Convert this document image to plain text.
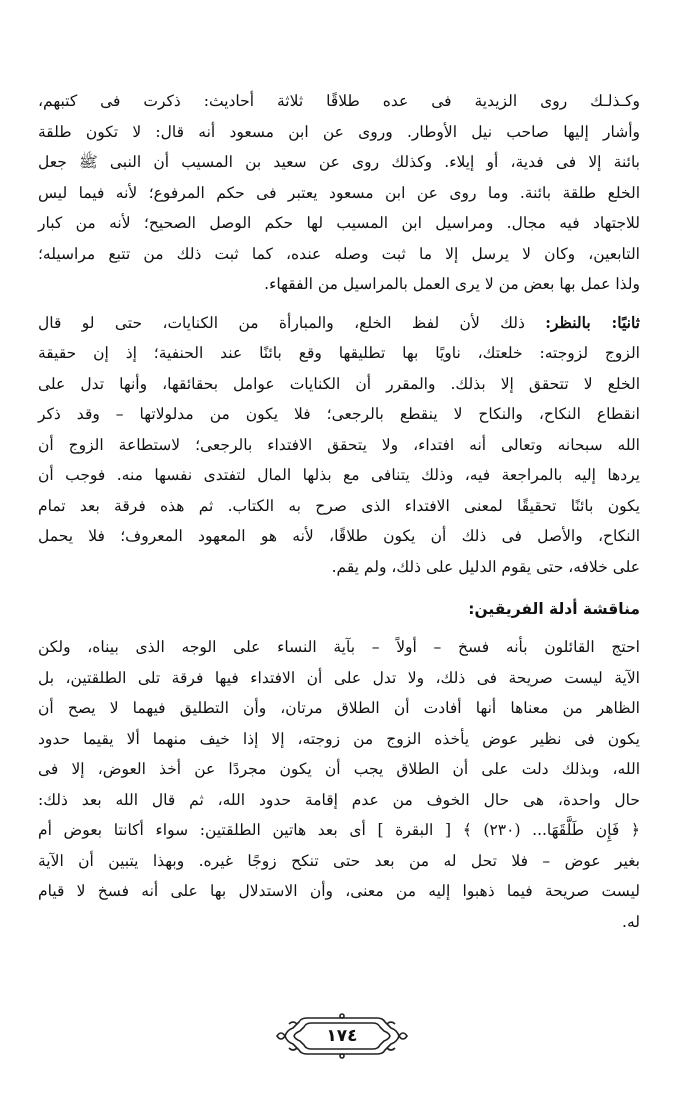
وكـذلـك روى الزيدية فى عده طلاقًا ثلاثة أحاديث: ذكرت فى كتبهم،
وأشار إليها صاحب نيل الأوطار. وروى عن ابن مسعود أنه قال: لا تكون طلقة
بائنة إلا فى فدية، أو إيلاء. وكذلك روى عن سعيد بن المسيب أن النبى ﷺ جعل
الخلع طلقة بائنة. وما روى عن ابن مسعود يعتبر فى حكم المرفوع؛ لأنه فيما ليس
للاجتهاد فيه مجال. ومراسيل ابن المسيب لها حكم الوصل الصحيح؛ لأنه من كبار
التابعين، وكان لا يرسل إلا ما ثبت وصله عنده، كما ثبت ذلك من تتبع مراسيله؛
ولذا عمل بها بعض من لا يرى العمل بالمراسيل من الفقهاء.

ثانيًا: بالنظر: ذلك لأن لفظ الخلع، والمبارأة من الكنايات، حتى لو قال
الزوج لزوجته: خلعتك، ناويًا بها تطليقها وقع بائنًا عند الحنفية؛ إذ إن حقيقة
الخلع لا تتحقق إلا بذلك. والمقرر أن الكنايات عوامل بحقائقها، وأنها تدل على
انقطاع النكاح، والنكاح لا ينقطع بالرجعى؛ فلا يكون من مدلولاتها – وقد ذكر
الله سبحانه وتعالى أنه افتداء، ولا يتحقق الافتداء بالرجعى؛ لاستطاعة الزوج أن
يردها إليه بالمراجعة فيه، وذلك يتنافى مع بذلها المال لتفتدى نفسها منه. فوجب أن
يكون بائنًا تحقيقًا لمعنى الافتداء الذى صرح به الكتاب. ثم هذه فرقة بعد تمام
النكاح، والأصل فى ذلك أن يكون طلاقًا، لأنه هو المعهود المعروف؛ فلا يحمل
على خلافه، حتى يقوم الدليل على ذلك، ولم يقم.

مناقشة أدلة الفريقين:

احتج القائلون بأنه فسخ – أولاً – بآية النساء على الوجه الذى بيناه، ولكن
الآية ليست صريحة فى ذلك، ولا تدل على أن الافتداء فيها فرقة تلى الطلقتين، بل
الظاهر من معناها أنها أفادت أن الطلاق مرتان، وأن التطليق فيهما لا يصح أن
يكون فى نظير عوض يأخذه الزوج من زوجته، إلا إذا خيف منهما ألا يقيما حدود
الله، وبذلك دلت على أن الطلاق يجب أن يكون مجردًا عن أخذ العوض، إلا فى
حال واحدة، هى حال الخوف من عدم إقامة حدود الله، ثم قال الله بعد ذلك:
﴿ فَإِن طَلَّقَهَا... (٢٣٠) ﴾ [ البقرة ] أى بعد هاتين الطلقتين: سواء أكانتا بعوض أم
بغير عوض – فلا تحل له من بعد حتى تنكح زوجًا غيره. وبهذا يتبين أن الآية
ليست صريحة فيما ذهبوا إليه من معنى، وأن الاستدلال بها على أنه فسخ لا قيام
له.

١٧٤
